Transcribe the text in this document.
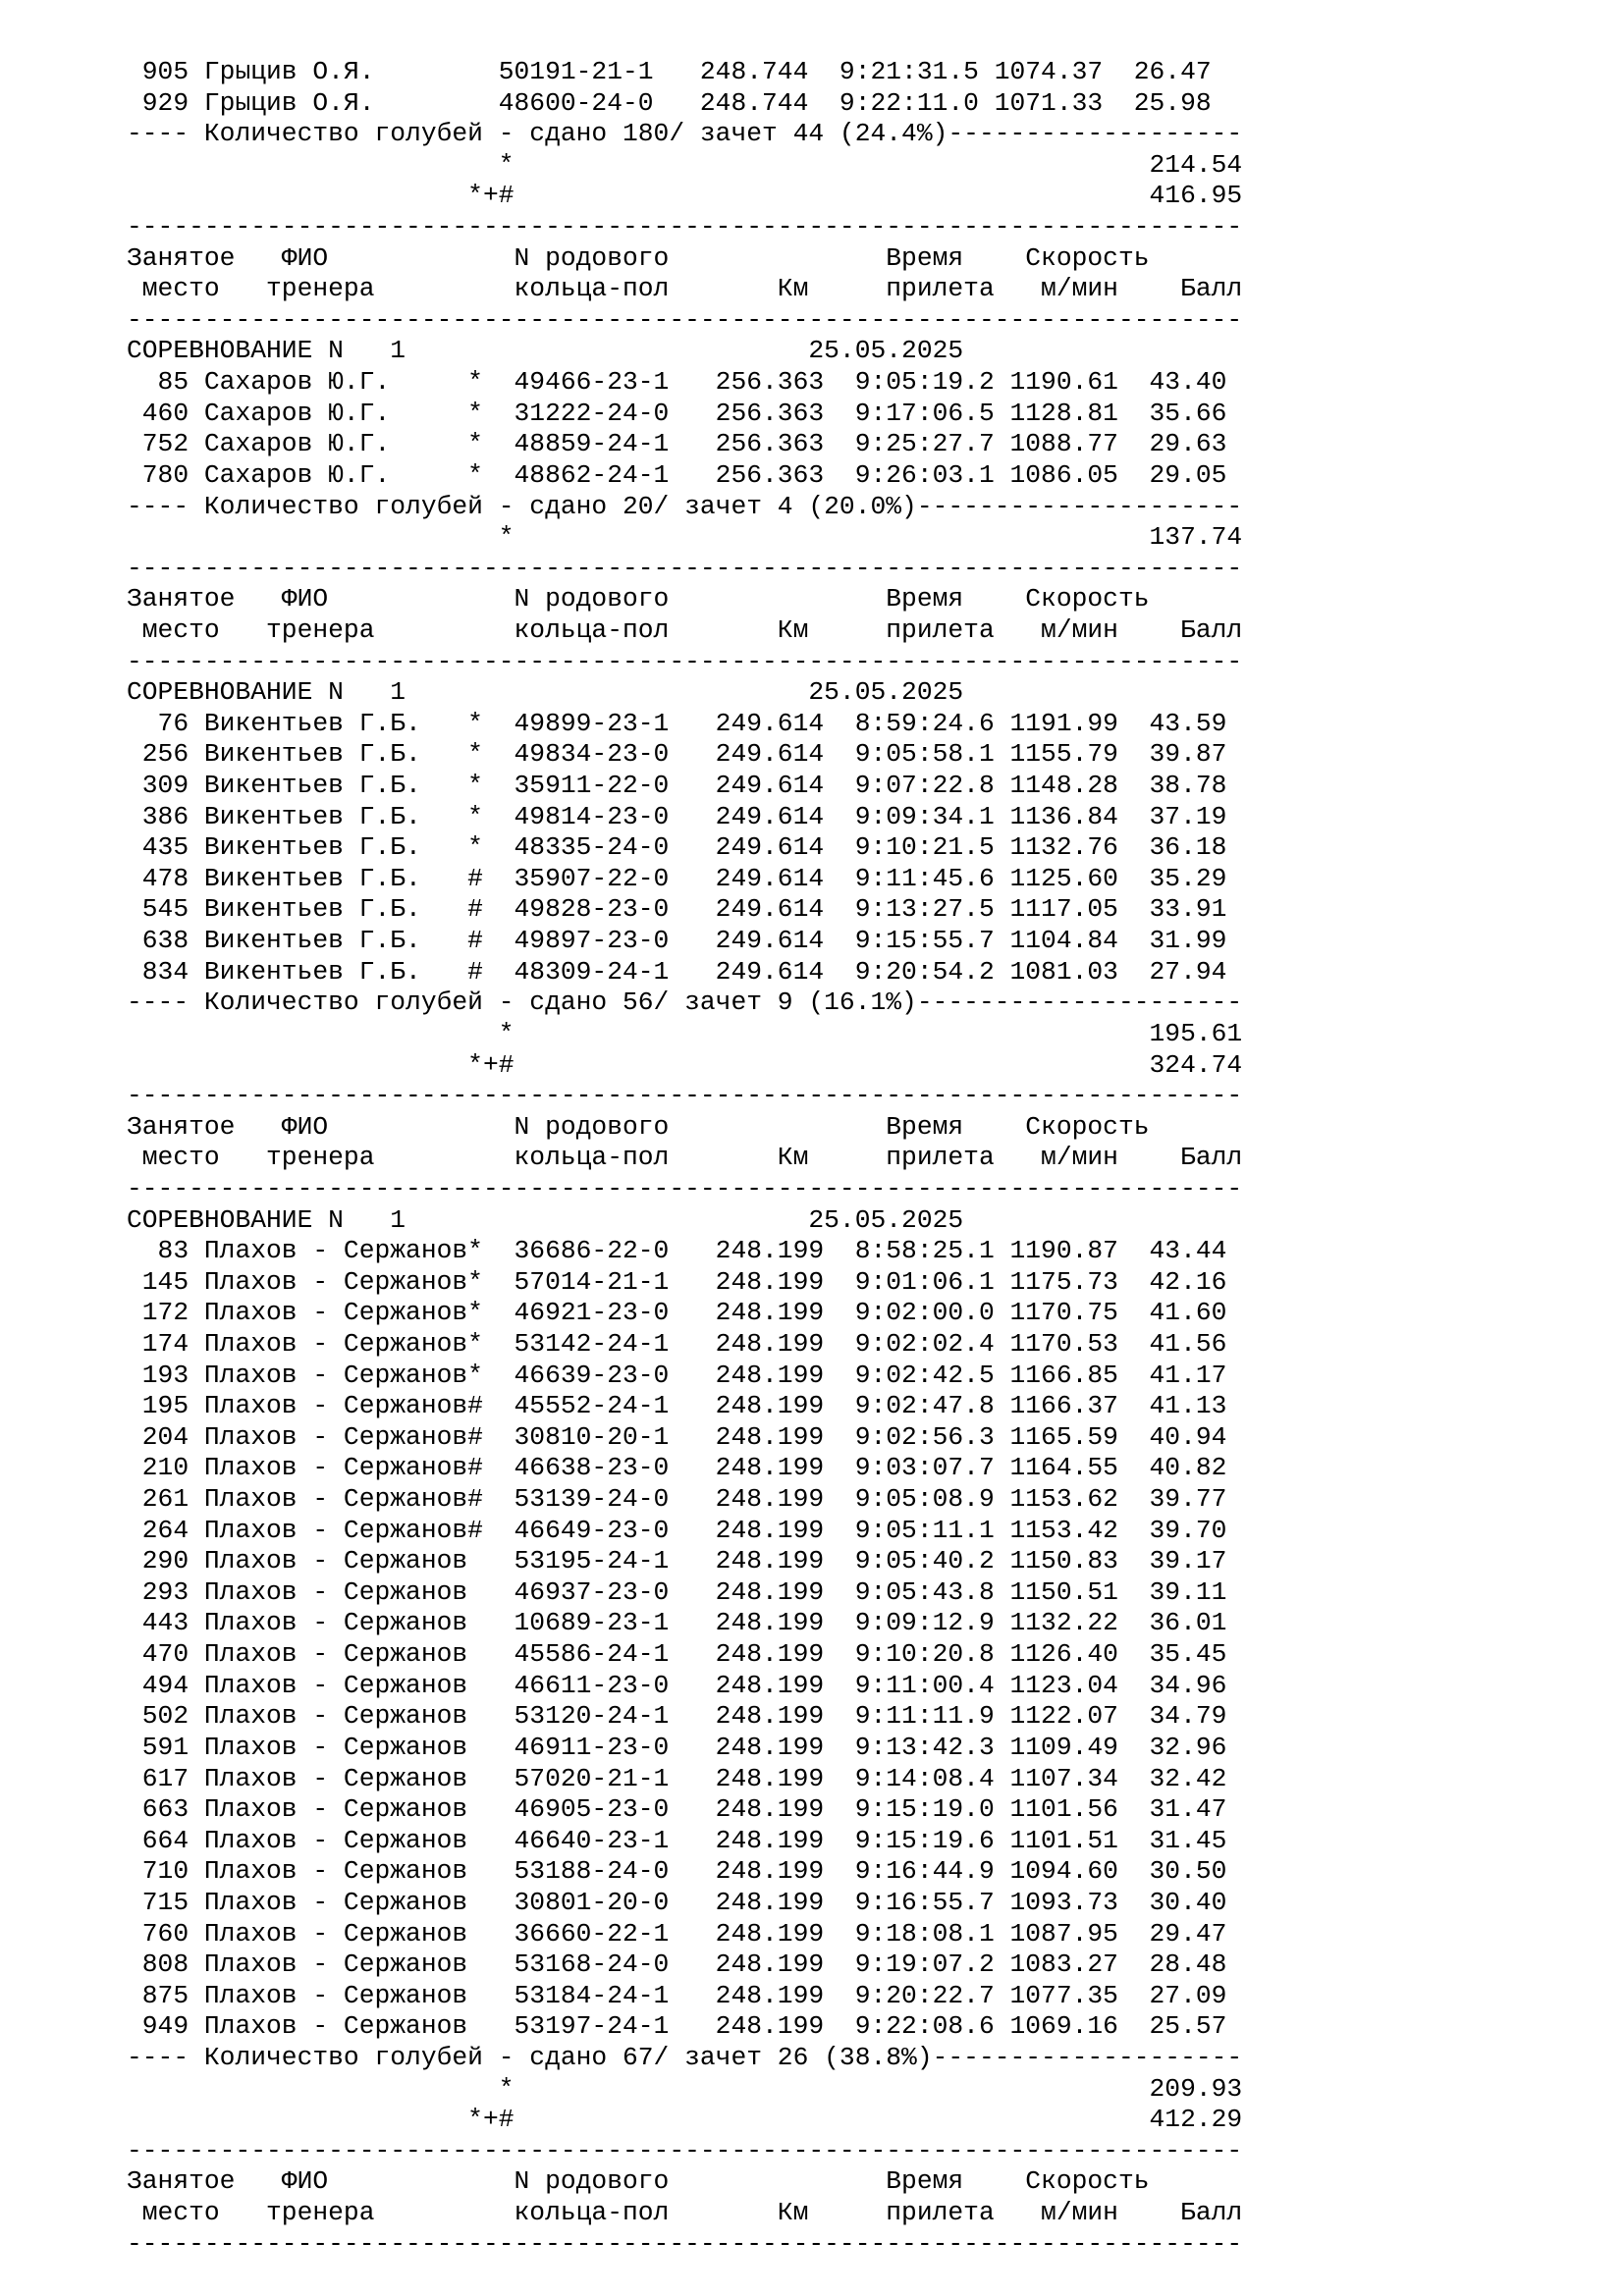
905 Грыцив О.Я.        50191-21-1   248.744  9:21:31.5 1074.37  26.47
929 Грыцив О.Я.        48600-24-0   248.744  9:22:11.0 1071.33  25.98
---- Количество голубей - сдано 180/ зачет 44 (24.4%)-------------------
*                                         214.54
*+#                                         416.95
------------------------------------------------------------------------
Занятое   ФИО            N родового              Время    Скорость
место   тренера         кольца-пол       Км     прилета   м/мин    Балл
------------------------------------------------------------------------
СОРЕВНОВАНИЕ N   1                          25.05.2025
85 Сахаров Ю.Г.     *  49466-23-1   256.363  9:05:19.2 1190.61  43.40
460 Сахаров Ю.Г.     *  31222-24-0   256.363  9:17:06.5 1128.81  35.66
752 Сахаров Ю.Г.     *  48859-24-1   256.363  9:25:27.7 1088.77  29.63
780 Сахаров Ю.Г.     *  48862-24-1   256.363  9:26:03.1 1086.05  29.05
---- Количество голубей - сдано 20/ зачет 4 (20.0%)---------------------
*                                         137.74
------------------------------------------------------------------------
Занятое   ФИО            N родового              Время    Скорость
место   тренера         кольца-пол       Км     прилета   м/мин    Балл
------------------------------------------------------------------------
СОРЕВНОВАНИЕ N   1                          25.05.2025
76 Викентьев Г.Б.   *  49899-23-1   249.614  8:59:24.6 1191.99  43.59
256 Викентьев Г.Б.   *  49834-23-0   249.614  9:05:58.1 1155.79  39.87
309 Викентьев Г.Б.   *  35911-22-0   249.614  9:07:22.8 1148.28  38.78
386 Викентьев Г.Б.   *  49814-23-0   249.614  9:09:34.1 1136.84  37.19
435 Викентьев Г.Б.   *  48335-24-0   249.614  9:10:21.5 1132.76  36.18
478 Викентьев Г.Б.   #  35907-22-0   249.614  9:11:45.6 1125.60  35.29
545 Викентьев Г.Б.   #  49828-23-0   249.614  9:13:27.5 1117.05  33.91
638 Викентьев Г.Б.   #  49897-23-0   249.614  9:15:55.7 1104.84  31.99
834 Викентьев Г.Б.   #  48309-24-1   249.614  9:20:54.2 1081.03  27.94
---- Количество голубей - сдано 56/ зачет 9 (16.1%)---------------------
*                                         195.61
*+#                                         324.74
------------------------------------------------------------------------
Занятое   ФИО            N родового              Время    Скорость
место   тренера         кольца-пол       Км     прилета   м/мин    Балл
------------------------------------------------------------------------
СОРЕВНОВАНИЕ N   1                          25.05.2025
83 Плахов - Сержанов*  36686-22-0   248.199  8:58:25.1 1190.87  43.44
145 Плахов - Сержанов*  57014-21-1   248.199  9:01:06.1 1175.73  42.16
172 Плахов - Сержанов*  46921-23-0   248.199  9:02:00.0 1170.75  41.60
174 Плахов - Сержанов*  53142-24-1   248.199  9:02:02.4 1170.53  41.56
193 Плахов - Сержанов*  46639-23-0   248.199  9:02:42.5 1166.85  41.17
195 Плахов - Сержанов#  45552-24-1   248.199  9:02:47.8 1166.37  41.13
204 Плахов - Сержанов#  30810-20-1   248.199  9:02:56.3 1165.59  40.94
210 Плахов - Сержанов#  46638-23-0   248.199  9:03:07.7 1164.55  40.82
261 Плахов - Сержанов#  53139-24-0   248.199  9:05:08.9 1153.62  39.77
264 Плахов - Сержанов#  46649-23-0   248.199  9:05:11.1 1153.42  39.70
290 Плахов - Сержанов   53195-24-1   248.199  9:05:40.2 1150.83  39.17
293 Плахов - Сержанов   46937-23-0   248.199  9:05:43.8 1150.51  39.11
443 Плахов - Сержанов   10689-23-1   248.199  9:09:12.9 1132.22  36.01
470 Плахов - Сержанов   45586-24-1   248.199  9:10:20.8 1126.40  35.45
494 Плахов - Сержанов   46611-23-0   248.199  9:11:00.4 1123.04  34.96
502 Плахов - Сержанов   53120-24-1   248.199  9:11:11.9 1122.07  34.79
591 Плахов - Сержанов   46911-23-0   248.199  9:13:42.3 1109.49  32.96
617 Плахов - Сержанов   57020-21-1   248.199  9:14:08.4 1107.34  32.42
663 Плахов - Сержанов   46905-23-0   248.199  9:15:19.0 1101.56  31.47
664 Плахов - Сержанов   46640-23-1   248.199  9:15:19.6 1101.51  31.45
710 Плахов - Сержанов   53188-24-0   248.199  9:16:44.9 1094.60  30.50
715 Плахов - Сержанов   30801-20-0   248.199  9:16:55.7 1093.73  30.40
760 Плахов - Сержанов   36660-22-1   248.199  9:18:08.1 1087.95  29.47
808 Плахов - Сержанов   53168-24-0   248.199  9:19:07.2 1083.27  28.48
875 Плахов - Сержанов   53184-24-1   248.199  9:20:22.7 1077.35  27.09
949 Плахов - Сержанов   53197-24-1   248.199  9:22:08.6 1069.16  25.57
---- Количество голубей - сдано 67/ зачет 26 (38.8%)--------------------
*                                         209.93
*+#                                         412.29
------------------------------------------------------------------------
Занятое   ФИО            N родового              Время    Скорость
место   тренера         кольца-пол       Км     прилета   м/мин    Балл
------------------------------------------------------------------------
